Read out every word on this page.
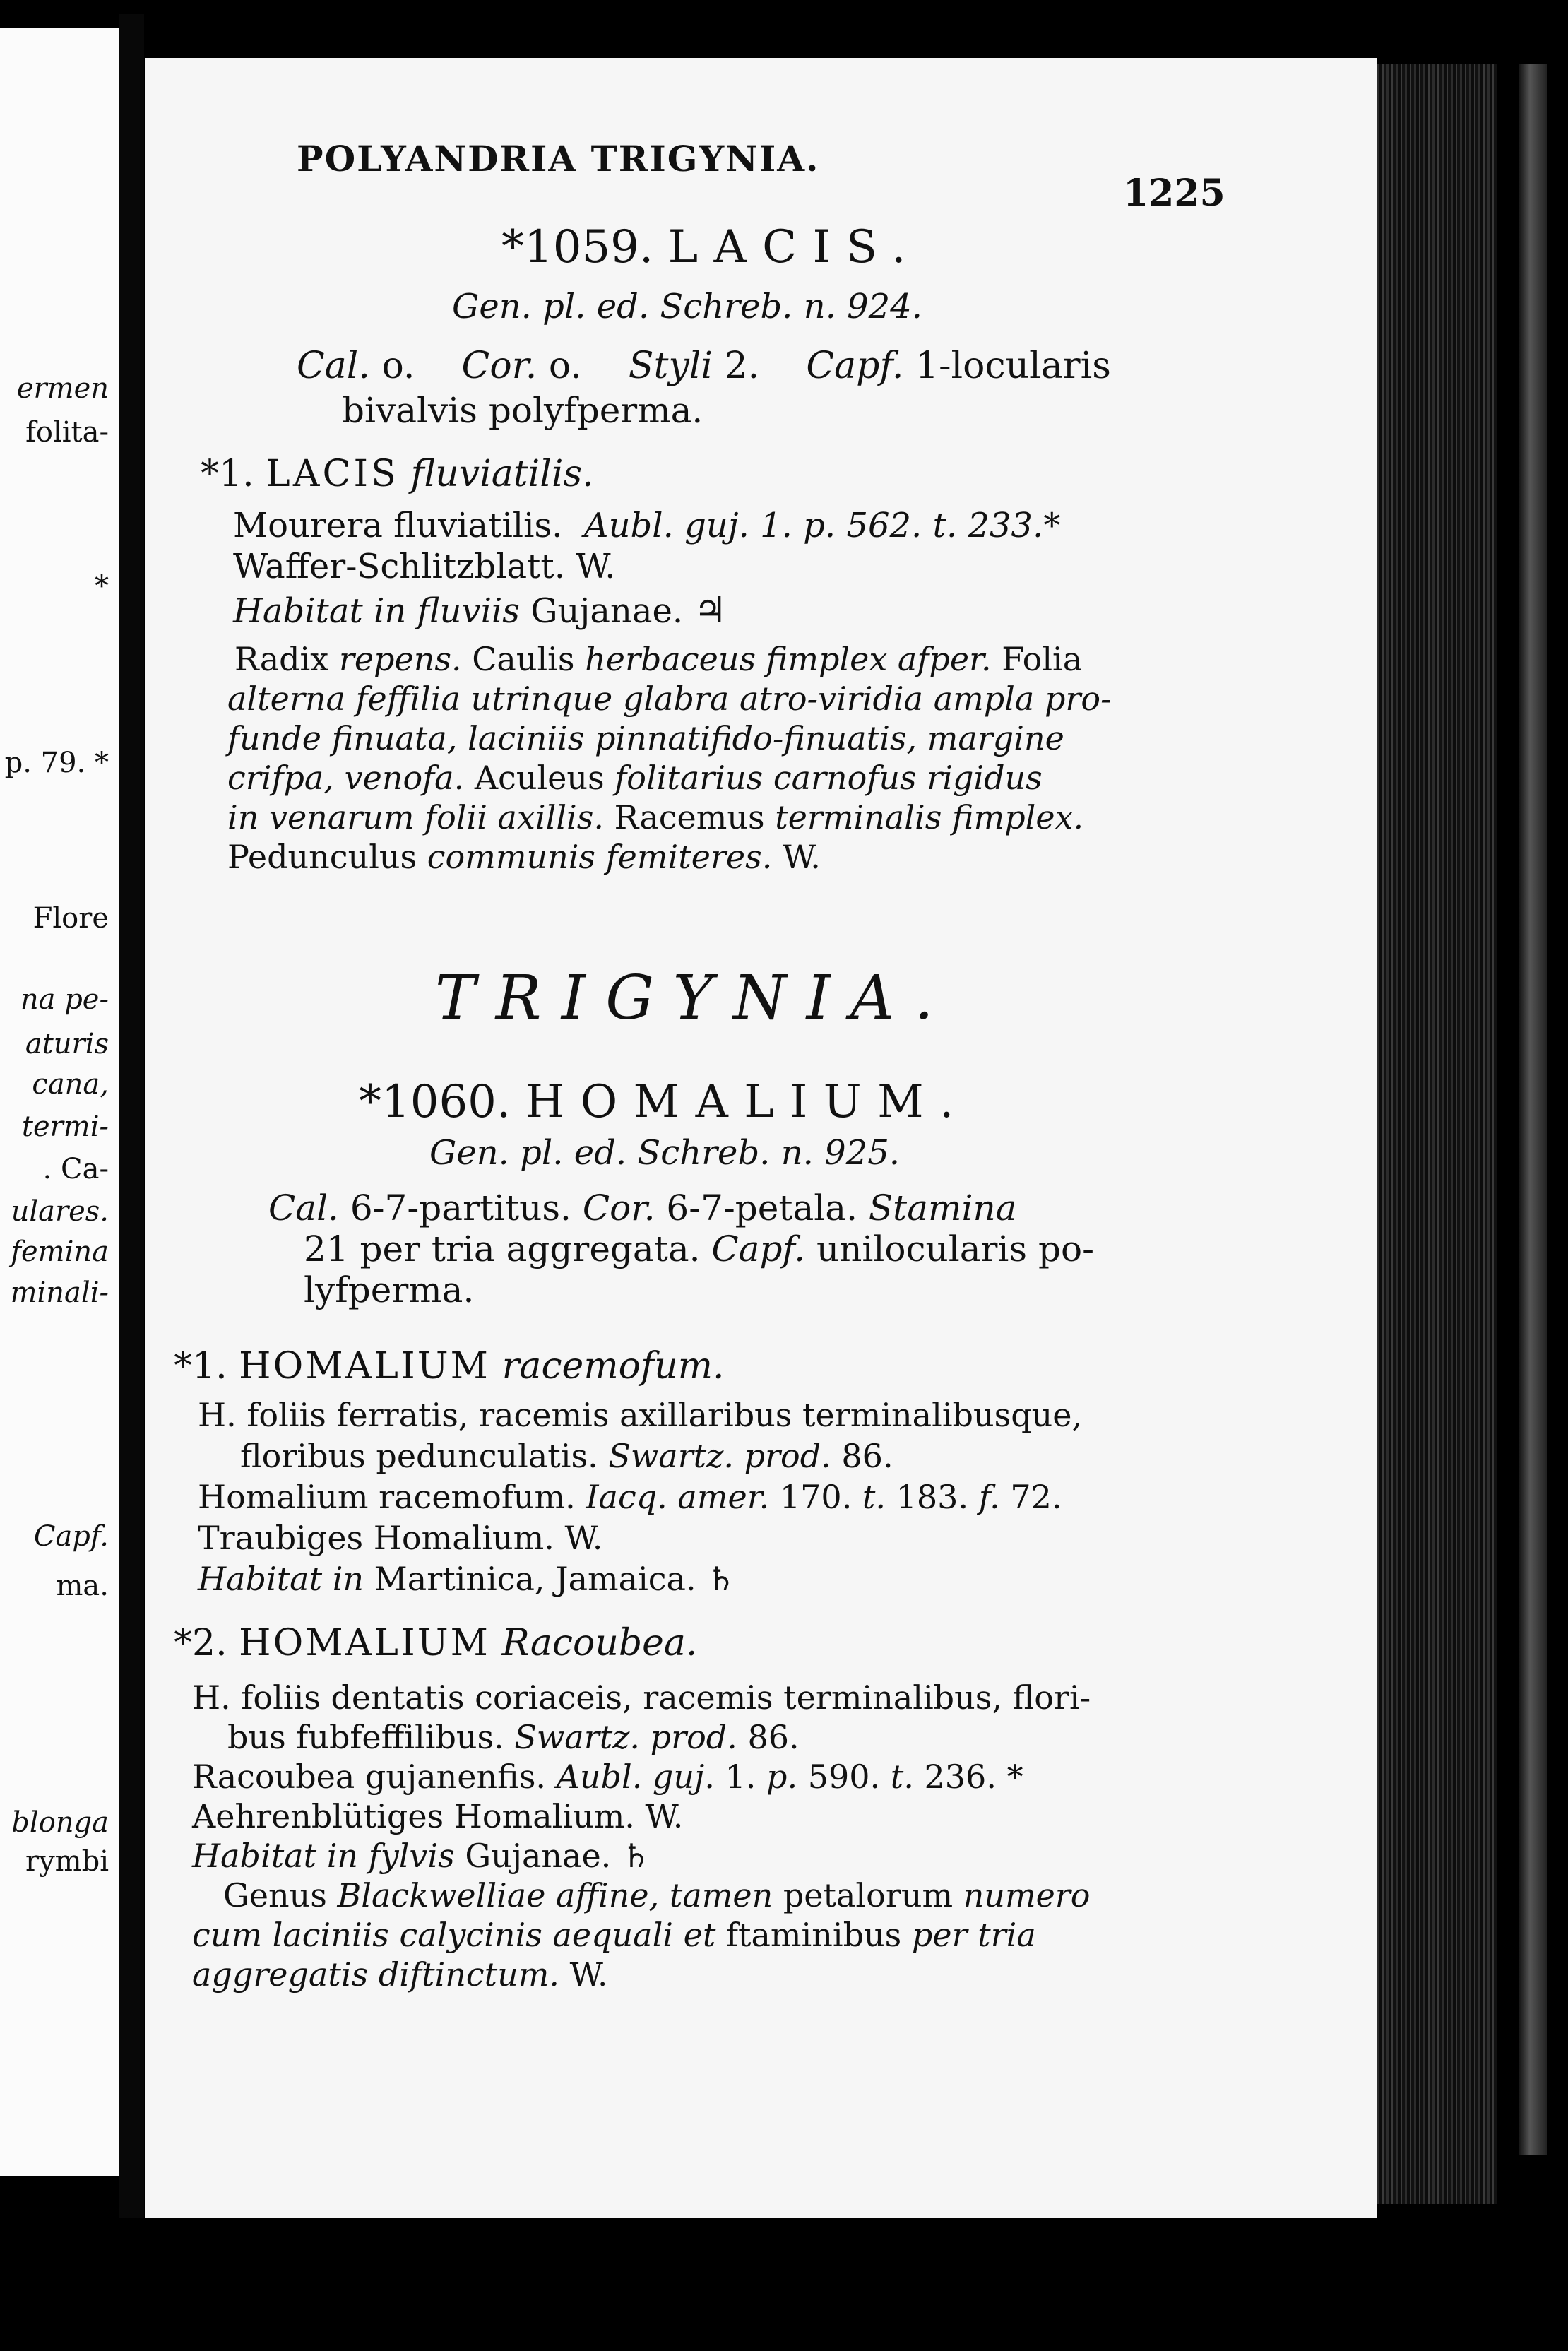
ermen
folita-
*
p. 79. *
Flore
na pe-
aturis
cana,
termi-
. Ca-
ulares.
femina
minali-
Capf.
ma.
blonga
rymbi
POLYANDRIA TRIGYNIA.
1225
*1059. LACIS.
Gen. pl. ed. Schreb. n. 924.
Cal. o. Cor. o. Styli 2. Capf. 1-locularis
bivalvis polyfperma.
*1. LACIS fluviatilis.
Mourera fluviatilis. Aubl. guj. 1. p. 562. t. 233.*
Waffer-Schlitzblatt. W.
Habitat in fluviis Gujanae. ♃
Radix repens. Caulis herbaceus fimplex afper. Folia
alterna feffilia utrinque glabra atro-viridia ampla pro-
funde finuata, laciniis pinnatifido-finuatis, margine
crifpa, venofa. Aculeus folitarius carnofus rigidus
in venarum folii axillis. Racemus terminalis fimplex.
Pedunculus communis femiteres. W.
TRIGYNIA.
*1060. HOMALIUM.
Gen. pl. ed. Schreb. n. 925.
Cal. 6-7-partitus. Cor. 6-7-petala. Stamina
21 per tria aggregata. Capf. unilocularis po-
lyfperma.
*1. HOMALIUM racemofum.
H. foliis ferratis, racemis axillaribus terminalibusque,
floribus pedunculatis. Swartz. prod. 86.
Homalium racemofum. Iacq. amer. 170. t. 183. f. 72.
Traubiges Homalium. W.
Habitat in Martinica, Jamaica. ♄
*2. HOMALIUM Racoubea.
H. foliis dentatis coriaceis, racemis terminalibus, flori-
bus fubfeffilibus. Swartz. prod. 86.
Racoubea gujanenfis. Aubl. guj. 1. p. 590. t. 236. *
Aehrenblütiges Homalium. W.
Habitat in fylvis Gujanae. ♄
Genus Blackwelliae affine, tamen petalorum numero
cum laciniis calycinis aequali et ftaminibus per tria
aggregatis diftinctum. W.
